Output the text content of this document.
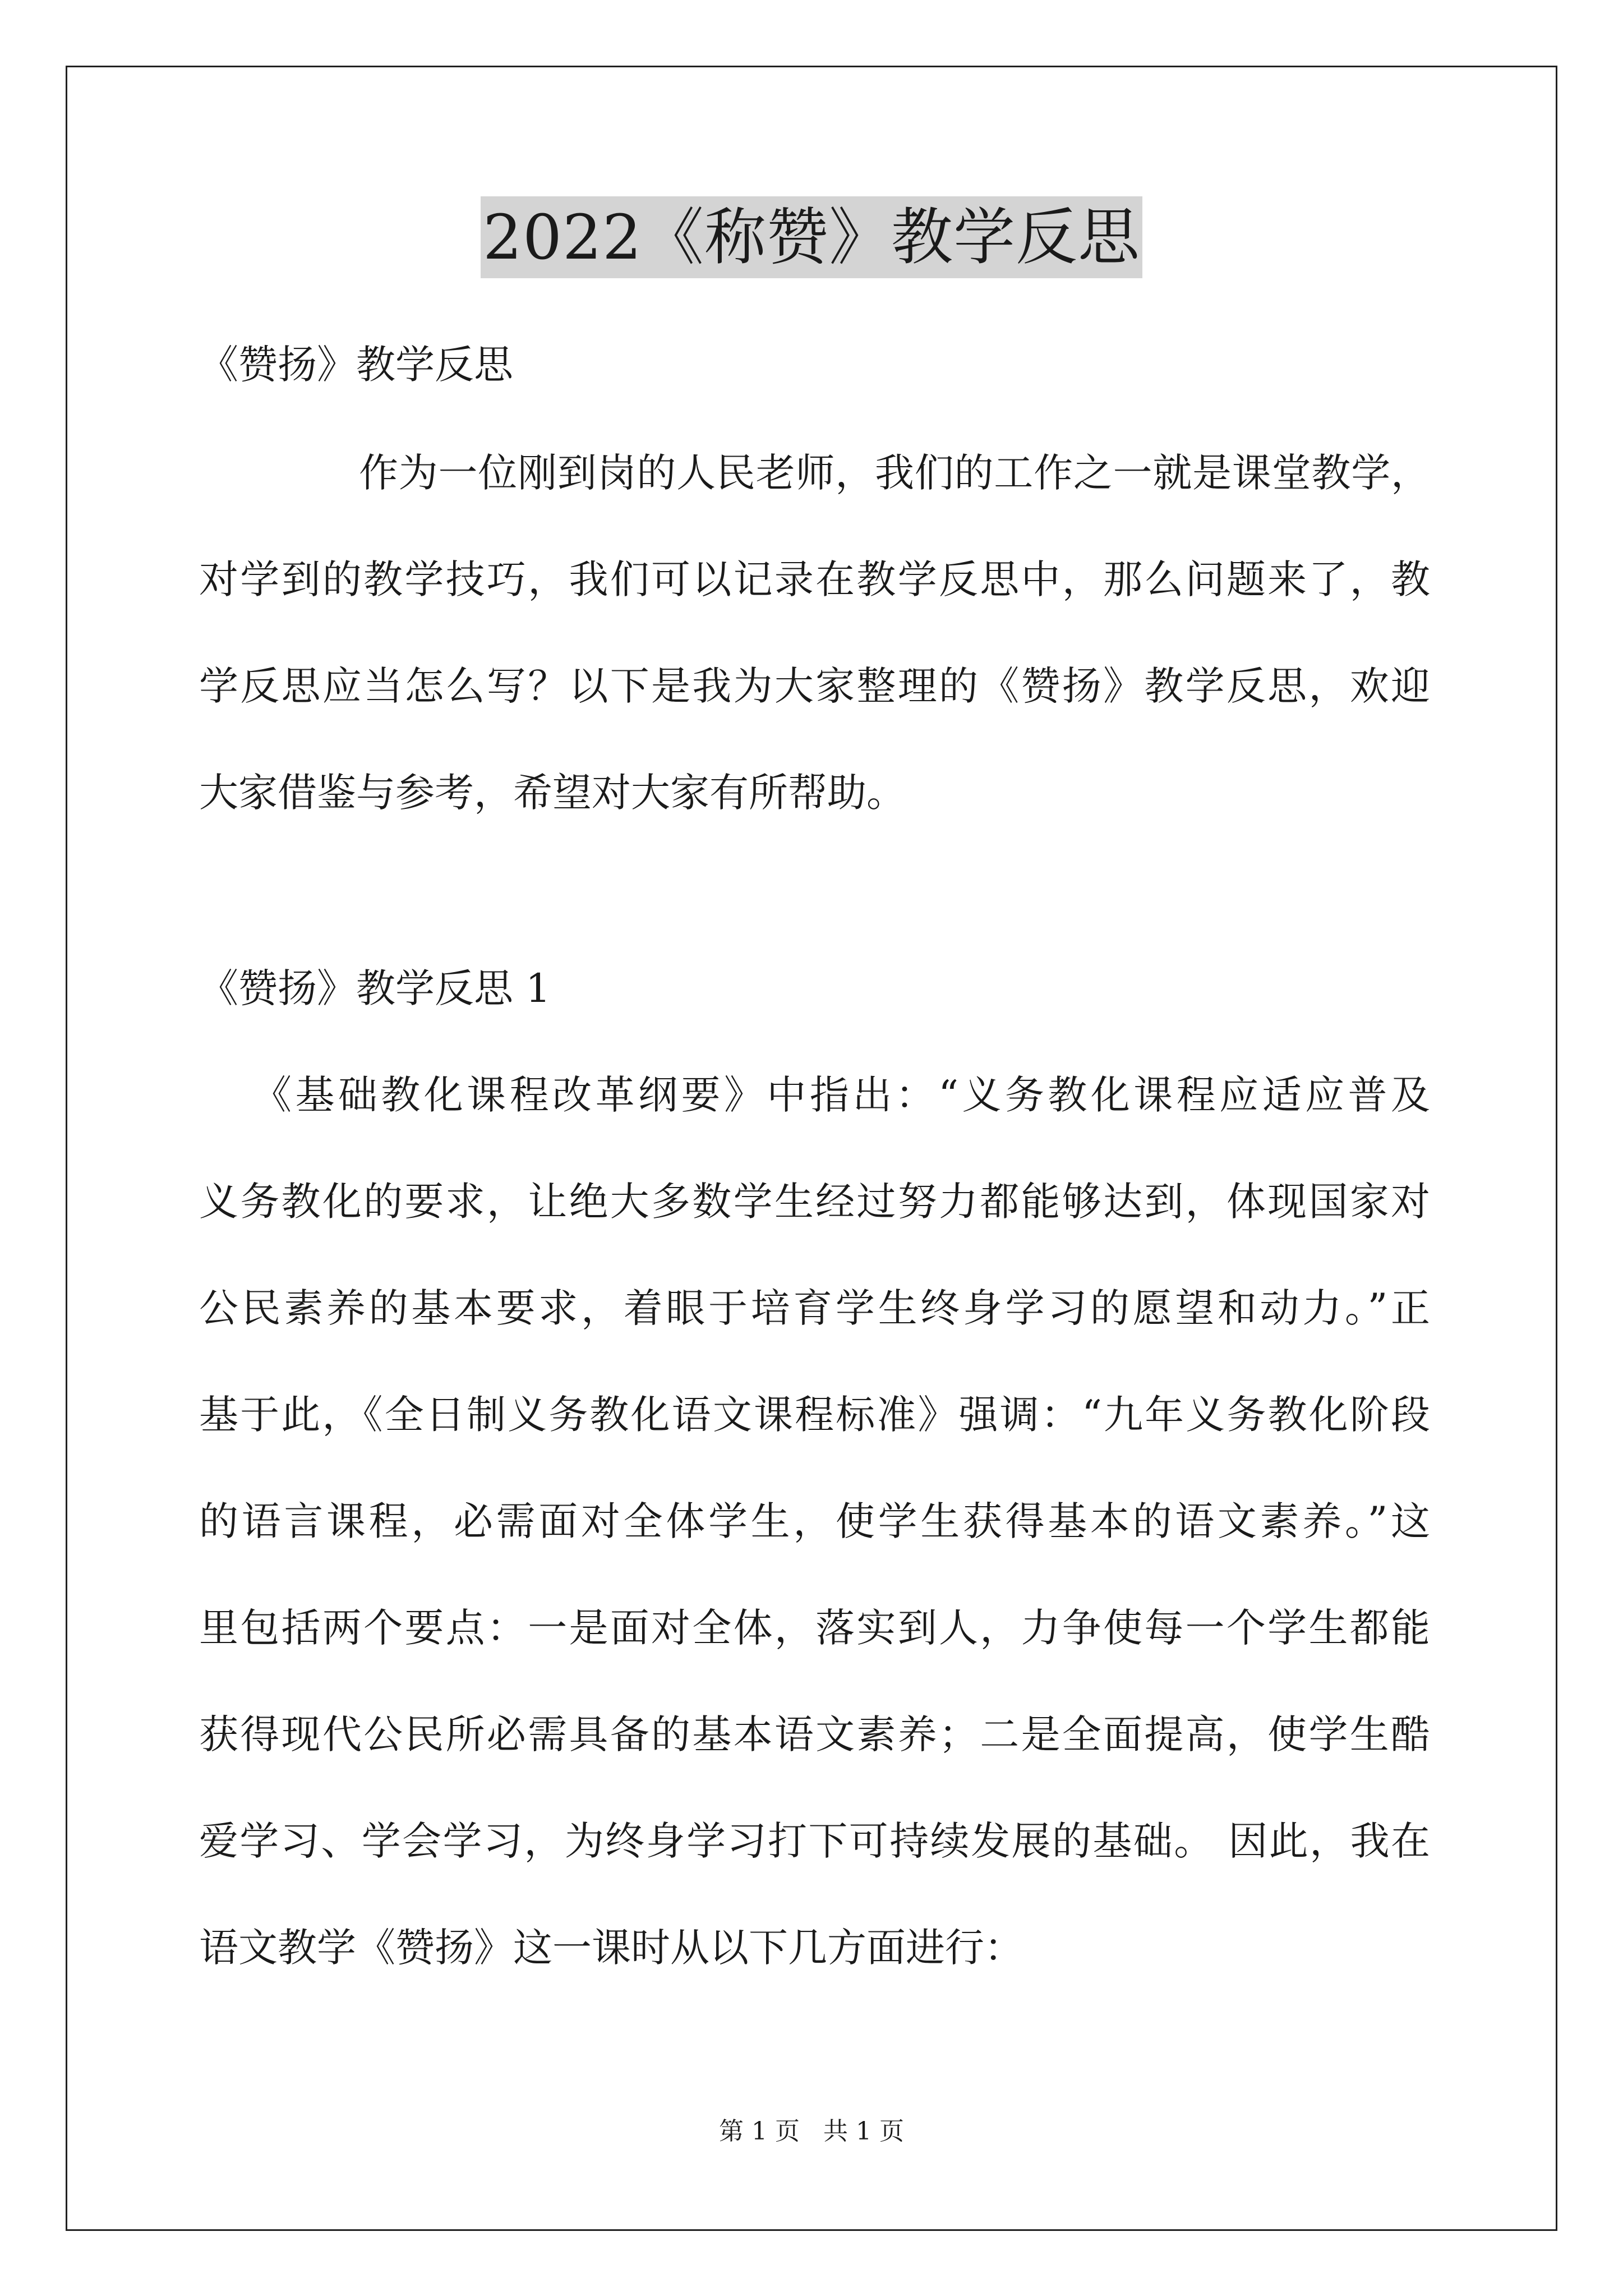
2022《称赞》教学反思
《赞扬》教学反思
作为一位刚到岗的人民老师，我们的工作之一就是课堂教学，
对学到的教学技巧，我们可以记录在教学反思中，那么问题来了，教
学反思应当怎么写？以下是我为大家整理的《赞扬》教学反思，欢迎
大家借鉴与参考，希望对大家有所帮助。
《赞扬》教学反思 1
《基础教化课程改革纲要》中指出：“义务教化课程应适应普及
义务教化的要求，让绝大多数学生经过努力都能够达到，体现国家对
公民素养的基本要求，着眼于培育学生终身学习的愿望和动力。”正
基于此，《全日制义务教化语文课程标准》强调：“九年义务教化阶段
的语言课程，必需面对全体学生，使学生获得基本的语文素养。”这
里包括两个要点：一是面对全体，落实到人，力争使每一个学生都能
获得现代公民所必需具备的基本语文素养；二是全面提高，使学生酷
爱学习、学会学习，为终身学习打下可持续发展的基础。 因此，我在
语文教学《赞扬》这一课时从以下几方面进行：
第 1 页 共 1 页
